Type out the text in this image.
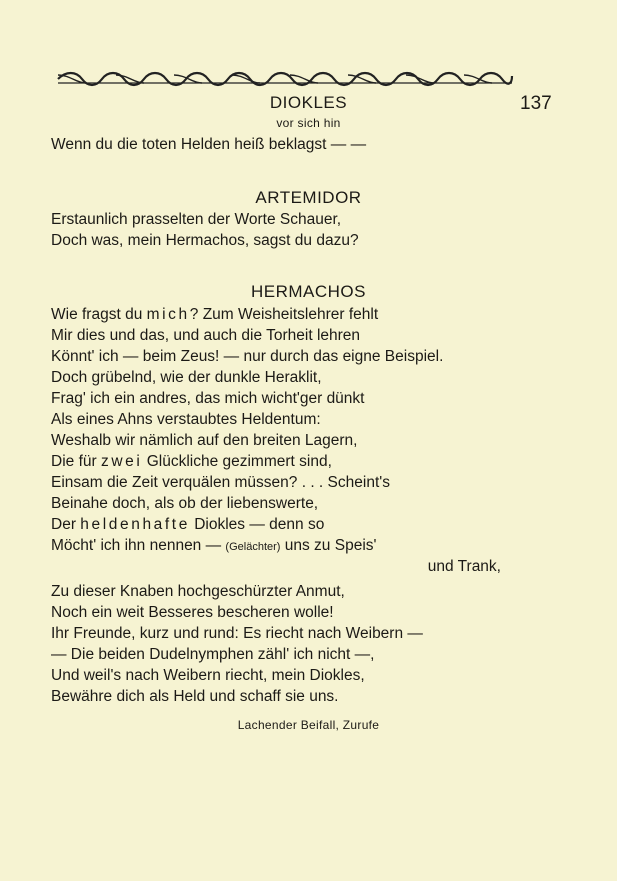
137
DIOKLES
vor sich hin
Wenn du die toten Helden heiß beklagst — —
ARTEMIDOR
Erstaunlich prasselten der Worte Schauer,
Doch was, mein Hermachos, sagst du dazu?
HERMACHOS
Wie fragst du mich? Zum Weisheitslehrer fehlt
Mir dies und das, und auch die Torheit lehren
Könnt' ich — beim Zeus! — nur durch das eigne Beispiel.
Doch grübelnd, wie der dunkle Heraklit,
Frag' ich ein andres, das mich wicht'ger dünkt
Als eines Ahns verstaubtes Heldentum:
Weshalb wir nämlich auf den breiten Lagern,
Die für zwei Glückliche gezimmert sind,
Einsam die Zeit verquälen müssen? . . . Scheint's
Beinahe doch, als ob der liebenswerte,
Der heldenhafte Diokles — denn so
Möcht' ich ihn nennen — (Gelächter) uns zu Speis'
und Trank,
Zu dieser Knaben hochgeschürzter Anmut,
Noch ein weit Besseres bescheren wolle!
Ihr Freunde, kurz und rund: Es riecht nach Weibern —
— Die beiden Dudelnymphen zähl' ich nicht —,
Und weil's nach Weibern riecht, mein Diokles,
Bewähre dich als Held und schaff sie uns.
Lachender Beifall, Zurufe
